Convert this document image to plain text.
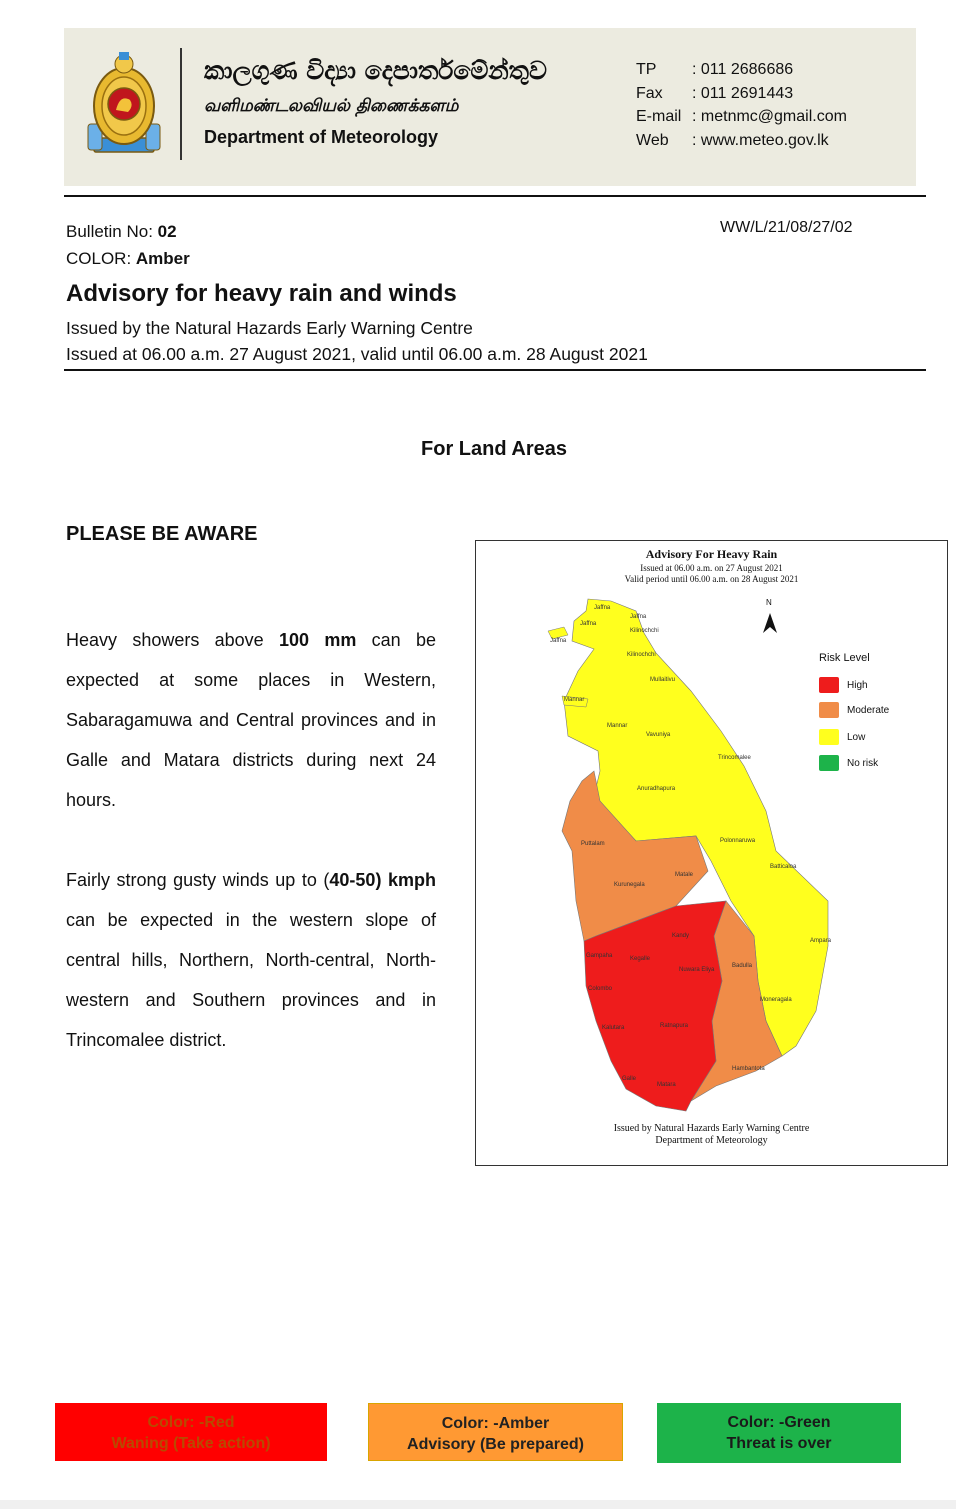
කාලගුණ විද්‍යා දෙපාර්තමේන්තුව
வளிமண்டலவியல் திணைக்களம்
Department of Meteorology
TP	: 011 2686686
Fax	: 011 2691443
E-mail : metnmc@gmail.com
Web	: www.meteo.gov.lk
Bulletin No: 02
COLOR: Amber
WW/L/21/08/27/02
Advisory for heavy rain and winds
Issued by the Natural Hazards Early Warning Centre
Issued at 06.00 a.m. 27 August 2021, valid until 06.00 a.m. 28 August 2021
For Land Areas
PLEASE BE AWARE
Heavy showers above 100 mm can be expected at some places in Western, Sabaragamuwa and Central provinces and in Galle and Matara districts during next 24 hours.
Fairly strong gusty winds up to (40-50) kmph can be expected in the western slope of central hills, Northern, North-central, North-western and Southern provinces and in Trincomalee district.
Advisory For Heavy Rain
Issued at 06.00 a.m. on 27 August 2021
Valid period until 06.00 a.m. on 28 August 2021
N
Risk Level
High
Moderate
Low
No risk
Jaffna
Jaffna
Jaffna
Jaffna
Kilinochchi
Kilinochchi
Mullaitivu
Mannar
Mannar
Vavuniya
Trincomalee
Anuradhapura
Puttalam	Polonnaruwa
Batticaloa
Kurunegala
Matale
Kandy
Ampara
Gampaha	Kegalle
Nuwara Eliya
Badulla
Colombo
Moneragala
Kalutara	Ratnapura
Hambantota
Galle
Matara
Issued by Natural Hazards Early Warning Centre
Department of Meteorology
Color: -Red
Waning (Take action)
Color: -Amber
Advisory (Be prepared)
Color: -Green
Threat is over
